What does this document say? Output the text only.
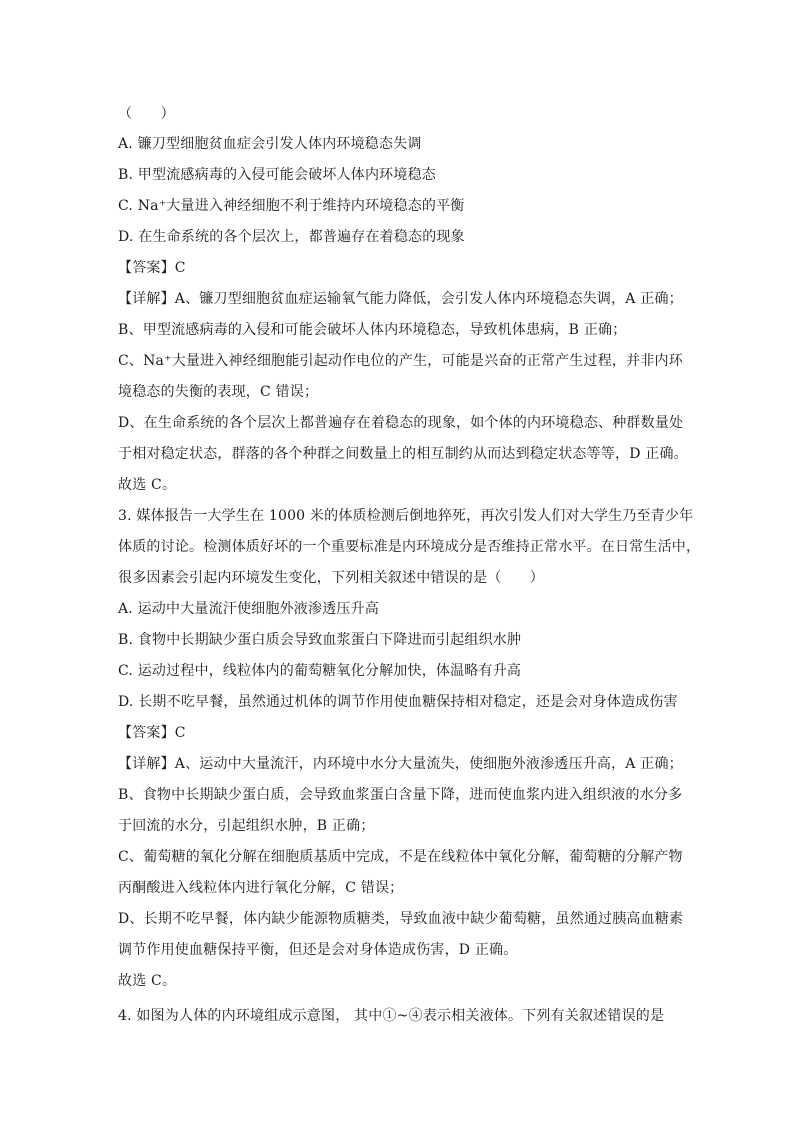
（　　）
A. 镰刀型细胞贫血症会引发人体内环境稳态失调
B. 甲型流感病毒的入侵可能会破坏人体内环境稳态
C. Na⁺大量进入神经细胞不利于维持内环境稳态的平衡
D. 在生命系统的各个层次上，都普遍存在着稳态的现象
【答案】C
【详解】A、镰刀型细胞贫血症运输氧气能力降低，会引发人体内环境稳态失调，A 正确；
B、甲型流感病毒的入侵和可能会破坏人体内环境稳态，导致机体患病，B 正确；
C、Na⁺大量进入神经细胞能引起动作电位的产生，可能是兴奋的正常产生过程，并非内环
境稳态的失衡的表现，C 错误；
D、在生命系统的各个层次上都普遍存在着稳态的现象，如个体的内环境稳态、种群数量处
于相对稳定状态，群落的各个种群之间数量上的相互制约从而达到稳定状态等等，D 正确。
故选 C。
3. 媒体报告一大学生在 1000 米的体质检测后倒地猝死，再次引发人们对大学生乃至青少年
体质的讨论。检测体质好坏的一个重要标准是内环境成分是否维持正常水平。在日常生活中，
很多因素会引起内环境发生变化，下列相关叙述中错误的是（　　）
A. 运动中大量流汗使细胞外液渗透压升高
B. 食物中长期缺少蛋白质会导致血浆蛋白下降进而引起组织水肿
C. 运动过程中，线粒体内的葡萄糖氧化分解加快，体温略有升高
D. 长期不吃早餐，虽然通过机体的调节作用使血糖保持相对稳定，还是会对身体造成伤害
【答案】C
【详解】A、运动中大量流汗，内环境中水分大量流失，使细胞外液渗透压升高，A 正确；
B、食物中长期缺少蛋白质，会导致血浆蛋白含量下降，进而使血浆内进入组织液的水分多
于回流的水分，引起组织水肿，B 正确；
C、葡萄糖的氧化分解在细胞质基质中完成，不是在线粒体中氧化分解，葡萄糖的分解产物
丙酮酸进入线粒体内进行氧化分解，C 错误；
D、长期不吃早餐，体内缺少能源物质糖类，导致血液中缺少葡萄糖，虽然通过胰高血糖素
调节作用使血糖保持平衡，但还是会对身体造成伤害，D 正确。
故选 C。
4. 如图为人体的内环境组成示意图， 其中①~④表示相关液体。下列有关叙述错误的是
